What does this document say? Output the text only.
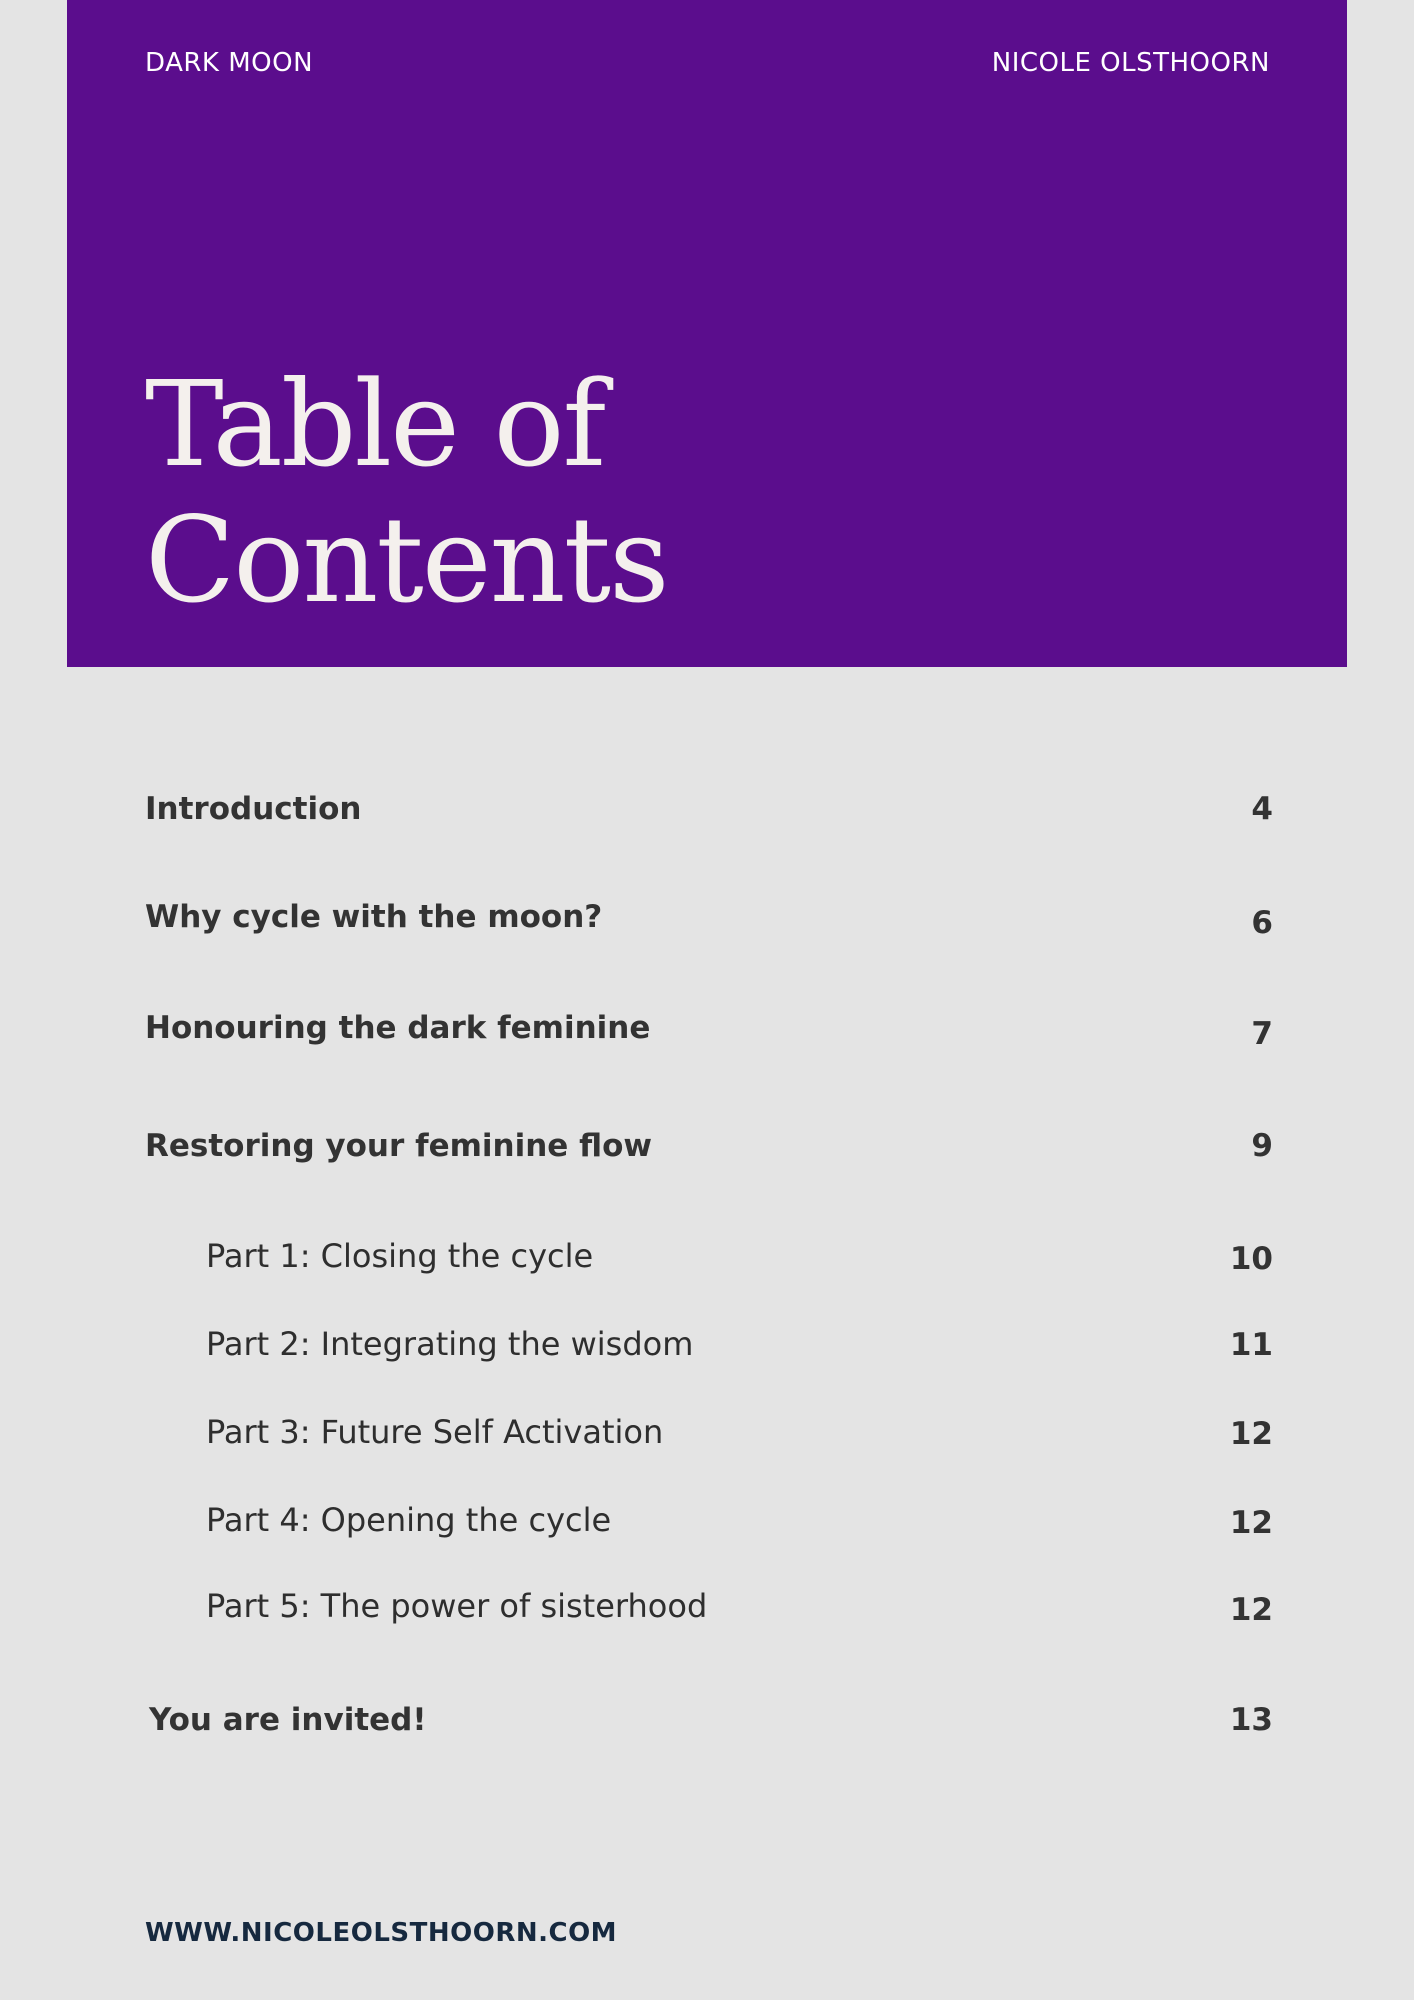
DARK MOON	NICOLE OLSTHOORN
Table of
Contents
Introduction	4
Why cycle with the moon?	6
Honouring the dark feminine	7
Restoring your feminine flow	9
Part 1: Closing the cycle	10
Part 2: Integrating the wisdom	11
Part 3: Future Self Activation	12
Part 4: Opening the cycle	12
Part 5: The power of sisterhood	12
You are invited!	13
WWW.NICOLEOLSTHOORN.COM
